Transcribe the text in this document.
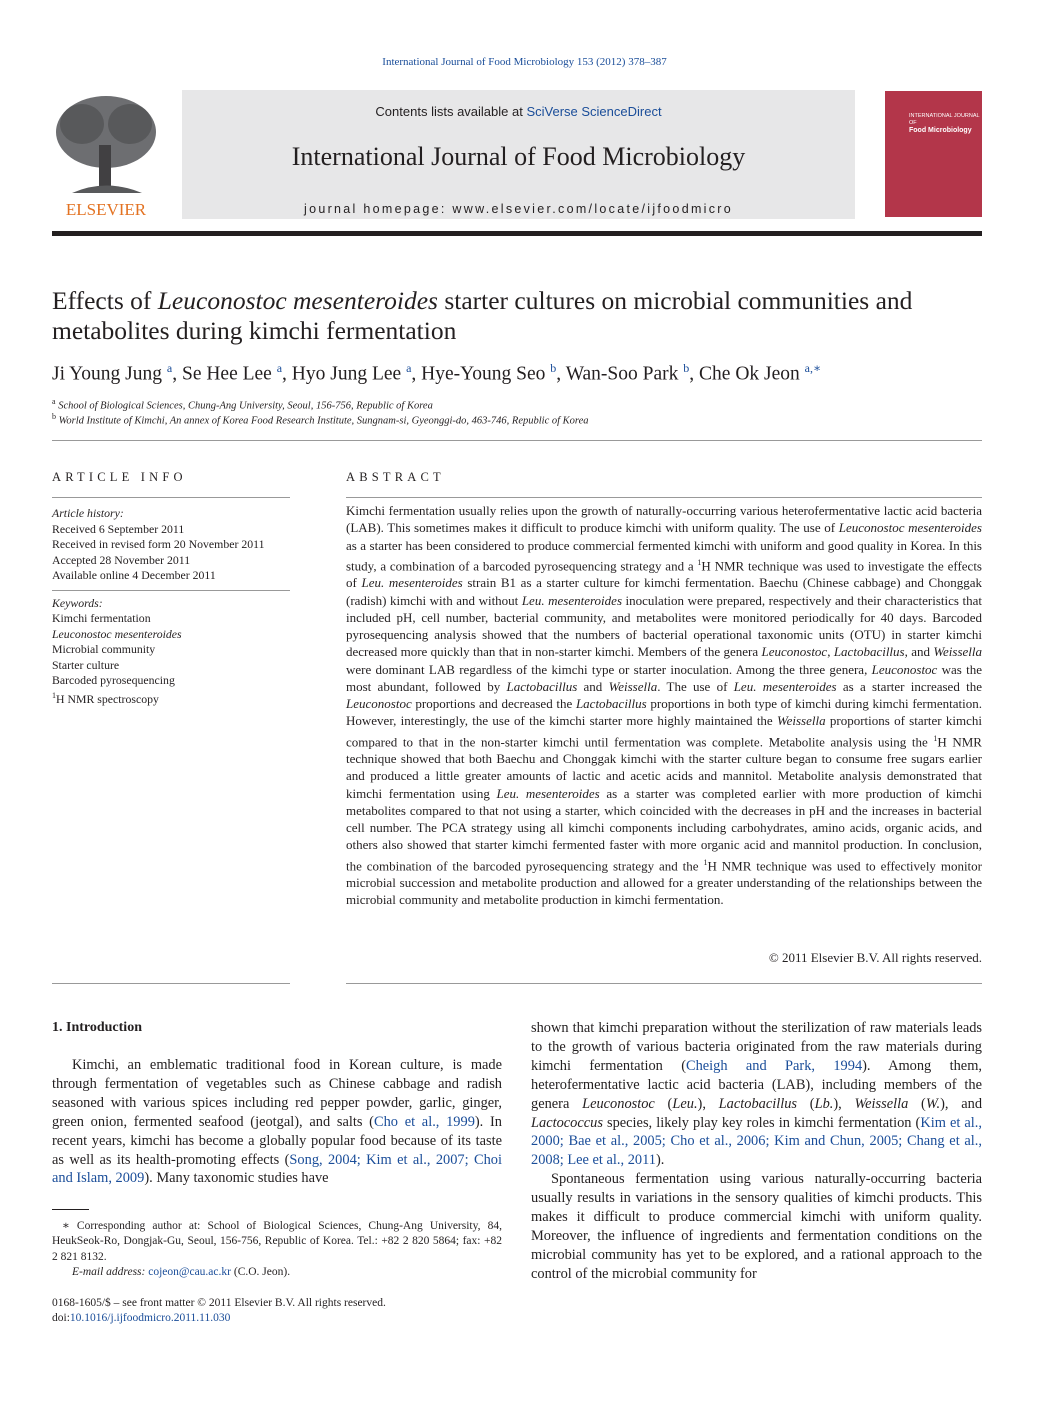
International Journal of Food Microbiology 153 (2012) 378–387
ELSEVIER
Contents lists available at SciVerse ScienceDirect
International Journal of Food Microbiology
journal homepage: www.elsevier.com/locate/ijfoodmicro
INTERNATIONAL JOURNAL OF
Food Microbiology
Effects of Leuconostoc mesenteroides starter cultures on microbial communities and
metabolites during kimchi fermentation
Ji Young Jung $^a$, Se Hee Lee $^a$, Hyo Jung Lee $^a$, Hye-Young Seo $^b$, Wan-Soo Park $^b$, Che Ok Jeon $^{a,∗}$
$^a$ School of Biological Sciences, Chung-Ang University, Seoul, 156-756, Republic of Korea
$^b$ World Institute of Kimchi, An annex of Korea Food Research Institute, Sungnam-si, Gyeonggi-do, 463-746, Republic of Korea
ARTICLE INFO	ABSTRACT
Article history:
Received 6 September 2011
Received in revised form 20 November 2011
Accepted 28 November 2011
Available online 4 December 2011
Keywords:
Kimchi fermentation
Leuconostoc mesenteroides
Microbial community
Starter culture
Barcoded pyrosequencing
$^1$H NMR spectroscopy
Kimchi fermentation usually relies upon the growth of naturally-occurring various heterofermentative lactic acid bacteria (LAB). This sometimes makes it difficult to produce kimchi with uniform quality. The use of Leuconostoc mesenteroides as a starter has been considered to produce commercial fermented kimchi with uniform and good quality in Korea. In this study, a combination of a barcoded pyrosequencing strategy and a $^1$H NMR technique was used to investigate the effects of Leu. mesenteroides strain B1 as a starter culture for kimchi fermentation. Baechu (Chinese cabbage) and Chonggak (radish) kimchi with and without Leu. mesenteroides inoculation were prepared, respectively and their characteristics that included pH, cell number, bacterial community, and metabolites were monitored periodically for 40 days. Barcoded pyrosequencing analysis showed that the numbers of bacterial operational taxonomic units (OTU) in starter kimchi decreased more quickly than that in non-starter kimchi. Members of the genera Leuconostoc, Lactobacillus, and Weissella were dominant LAB regardless of the kimchi type or starter inoculation. Among the three genera, Leuconostoc was the most abundant, followed by Lactobacillus and Weissella. The use of Leu. mesenteroides as a starter increased the Leuconostoc proportions and decreased the Lactobacillus proportions in both type of kimchi during kimchi fermentation. However, interestingly, the use of the kimchi starter more highly maintained the Weissella proportions of starter kimchi compared to that in the non-starter kimchi until fermentation was complete. Metabolite analysis using the $^1$H NMR technique showed that both Baechu and Chonggak kimchi with the starter culture began to consume free sugars earlier and produced a little greater amounts of lactic and acetic acids and mannitol. Metabolite analysis demonstrated that kimchi fermentation using Leu. mesenteroides as a starter was completed earlier with more production of kimchi metabolites compared to that not using a starter, which coincided with the decreases in pH and the increases in bacterial cell number. The PCA strategy using all kimchi components including carbohydrates, amino acids, organic acids, and others also showed that starter kimchi fermented faster with more organic acid and mannitol production. In conclusion, the combination of the barcoded pyrosequencing strategy and the $^1$H NMR technique was used to effectively monitor microbial succession and metabolite production and allowed for a greater understanding of the relationships between the microbial community and metabolite production in kimchi fermentation.
© 2011 Elsevier B.V. All rights reserved.
1. Introduction

Kimchi, an emblematic traditional food in Korean culture, is made through fermentation of vegetables such as Chinese cabbage and radish seasoned with various spices including red pepper powder, garlic, ginger, green onion, fermented seafood (jeotgal), and salts (Cho et al., 1999). In recent years, kimchi has become a globally popular food because of its taste as well as its health-promoting effects (Song, 2004; Kim et al., 2007; Choi and Islam, 2009). Many taxonomic studies have

shown that kimchi preparation without the sterilization of raw materials leads to the growth of various bacteria originated from the raw materials during kimchi fermentation (Cheigh and Park, 1994). Among them, heterofermentative lactic acid bacteria (LAB), including members of the genera Leuconostoc (Leu.), Lactobacillus (Lb.), Weissella (W.), and Lactococcus species, likely play key roles in kimchi fermentation (Kim et al., 2000; Bae et al., 2005; Cho et al., 2006; Kim and Chun, 2005; Chang et al., 2008; Lee et al., 2011).

Spontaneous fermentation using various naturally-occurring bacteria usually results in variations in the sensory qualities of kimchi products. This makes it difficult to produce commercial kimchi with uniform quality. Moreover, the influence of ingredients and fermentation conditions on the microbial community has yet to be explored, and a rational approach to the control of the microbial community for

∗ Corresponding author at: School of Biological Sciences, Chung-Ang University, 84, HeukSeok-Ro, Dongjak-Gu, Seoul, 156-756, Republic of Korea. Tel.: +82 2 820 5864; fax: +82 2 821 8132.

E-mail address: cojeon@cau.ac.kr (C.O. Jeon).

0168-1605/$ – see front matter © 2011 Elsevier B.V. All rights reserved.
doi:10.1016/j.ijfoodmicro.2011.11.030
